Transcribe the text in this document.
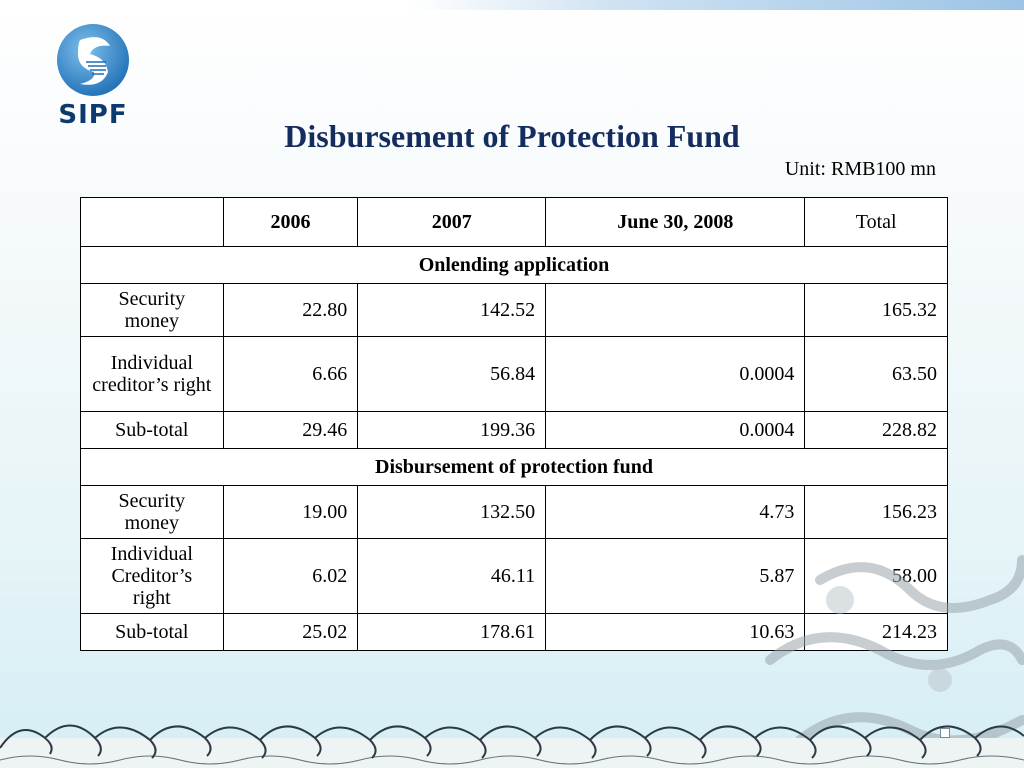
SIPF
Disbursement of Protection Fund
Unit: RMB100 mn
	2006	2007	June 30, 2008	Total
Onlending application				
Security money	22.80	142.52		165.32
Individual creditor’s right	6.66	56.84	0.0004	63.50
Sub-total	29.46	199.36	0.0004	228.82
Disbursement of protection fund				
Security money	19.00	132.50	4.73	156.23
Individual Creditor’s right	6.02	46.11	5.87	58.00
Sub-total	25.02	178.61	10.63	214.23
